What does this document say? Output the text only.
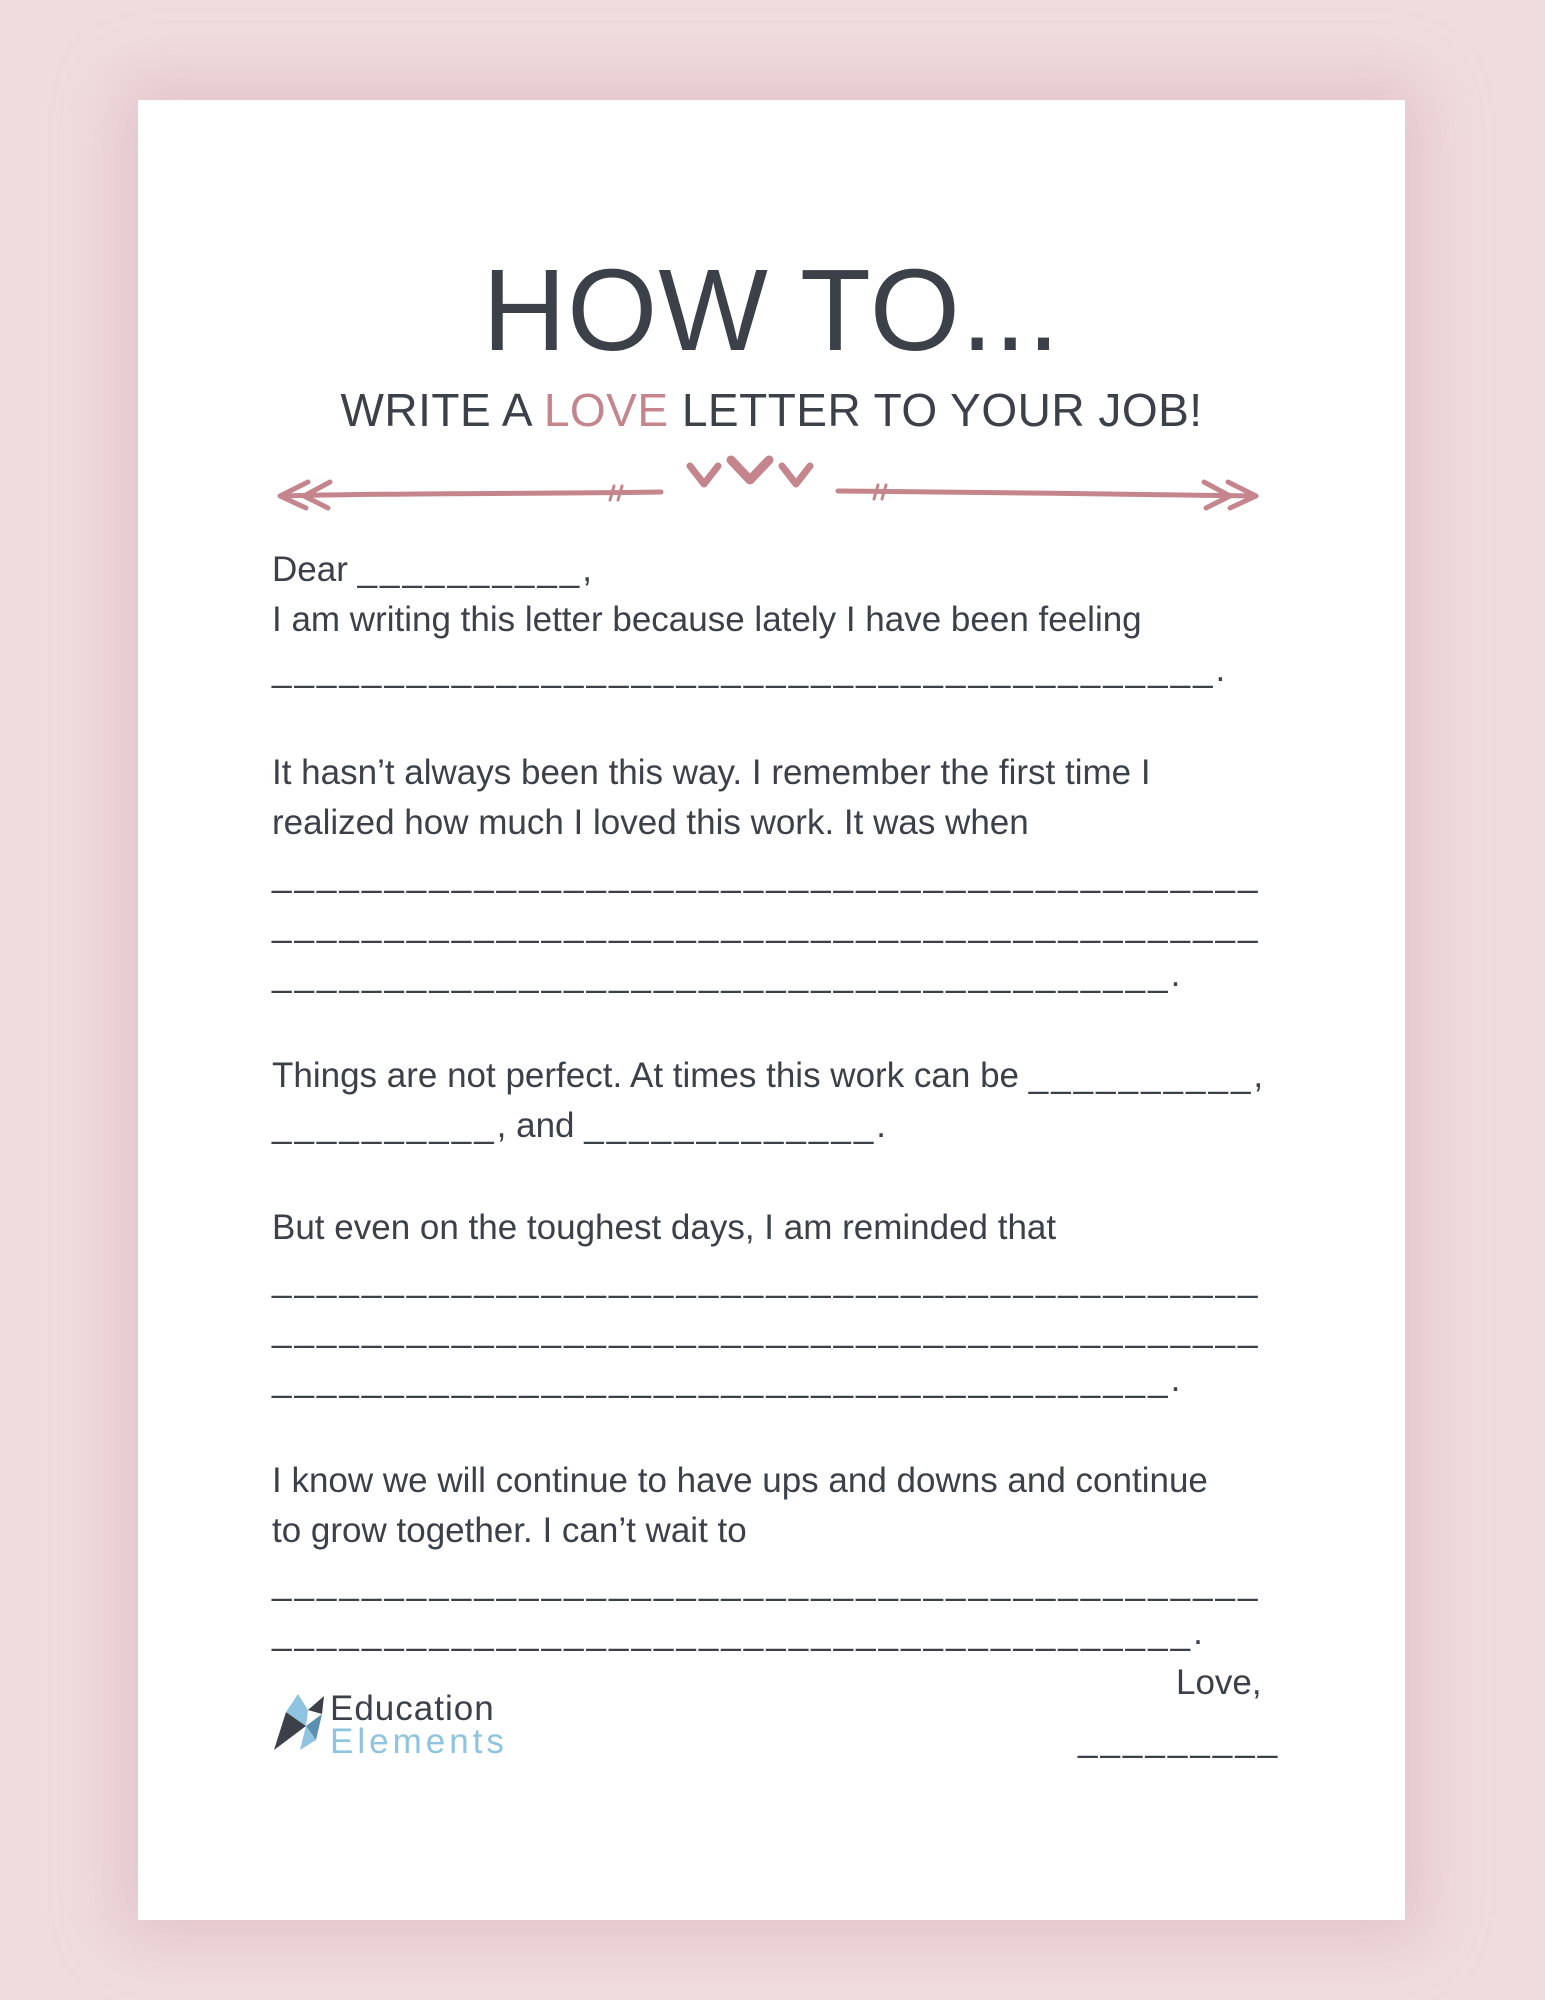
HOW TO...
WRITE A LOVE LETTER TO YOUR JOB!
Dear __________,
I am writing this letter because lately I have been feeling
__________________________________________.
It hasn’t always been this way. I remember the first time I
realized how much I loved this work. It was when
____________________________________________
____________________________________________
________________________________________.
Things are not perfect. At times this work can be __________,
__________, and _____________.
But even on the toughest days, I am reminded that
____________________________________________
____________________________________________
________________________________________.
I know we will continue to have ups and downs and continue
to grow together. I can’t wait to
____________________________________________
_________________________________________.
Love,
_________
Education
Elements
